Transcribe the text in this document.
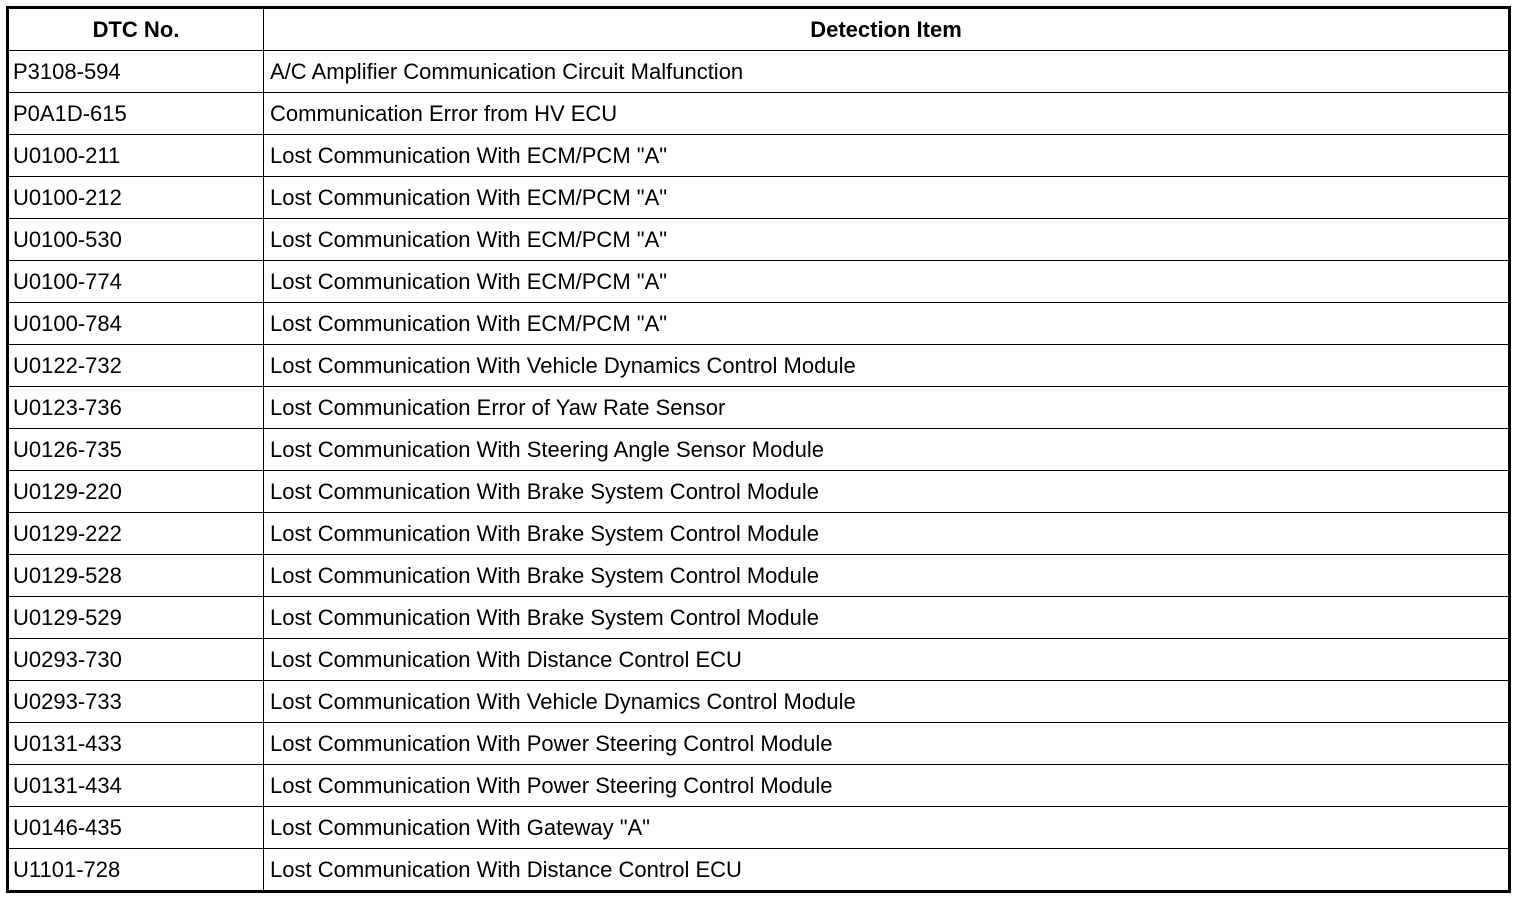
DTC No.	Detection Item
P3108-594	A/C Amplifier Communication Circuit Malfunction
P0A1D-615	Communication Error from HV ECU
U0100-211	Lost Communication With ECM/PCM "A"
U0100-212	Lost Communication With ECM/PCM "A"
U0100-530	Lost Communication With ECM/PCM "A"
U0100-774	Lost Communication With ECM/PCM "A"
U0100-784	Lost Communication With ECM/PCM "A"
U0122-732	Lost Communication With Vehicle Dynamics Control Module
U0123-736	Lost Communication Error of Yaw Rate Sensor
U0126-735	Lost Communication With Steering Angle Sensor Module
U0129-220	Lost Communication With Brake System Control Module
U0129-222	Lost Communication With Brake System Control Module
U0129-528	Lost Communication With Brake System Control Module
U0129-529	Lost Communication With Brake System Control Module
U0293-730	Lost Communication With Distance Control ECU
U0293-733	Lost Communication With Vehicle Dynamics Control Module
U0131-433	Lost Communication With Power Steering Control Module
U0131-434	Lost Communication With Power Steering Control Module
U0146-435	Lost Communication With Gateway "A"
U1101-728	Lost Communication With Distance Control ECU
